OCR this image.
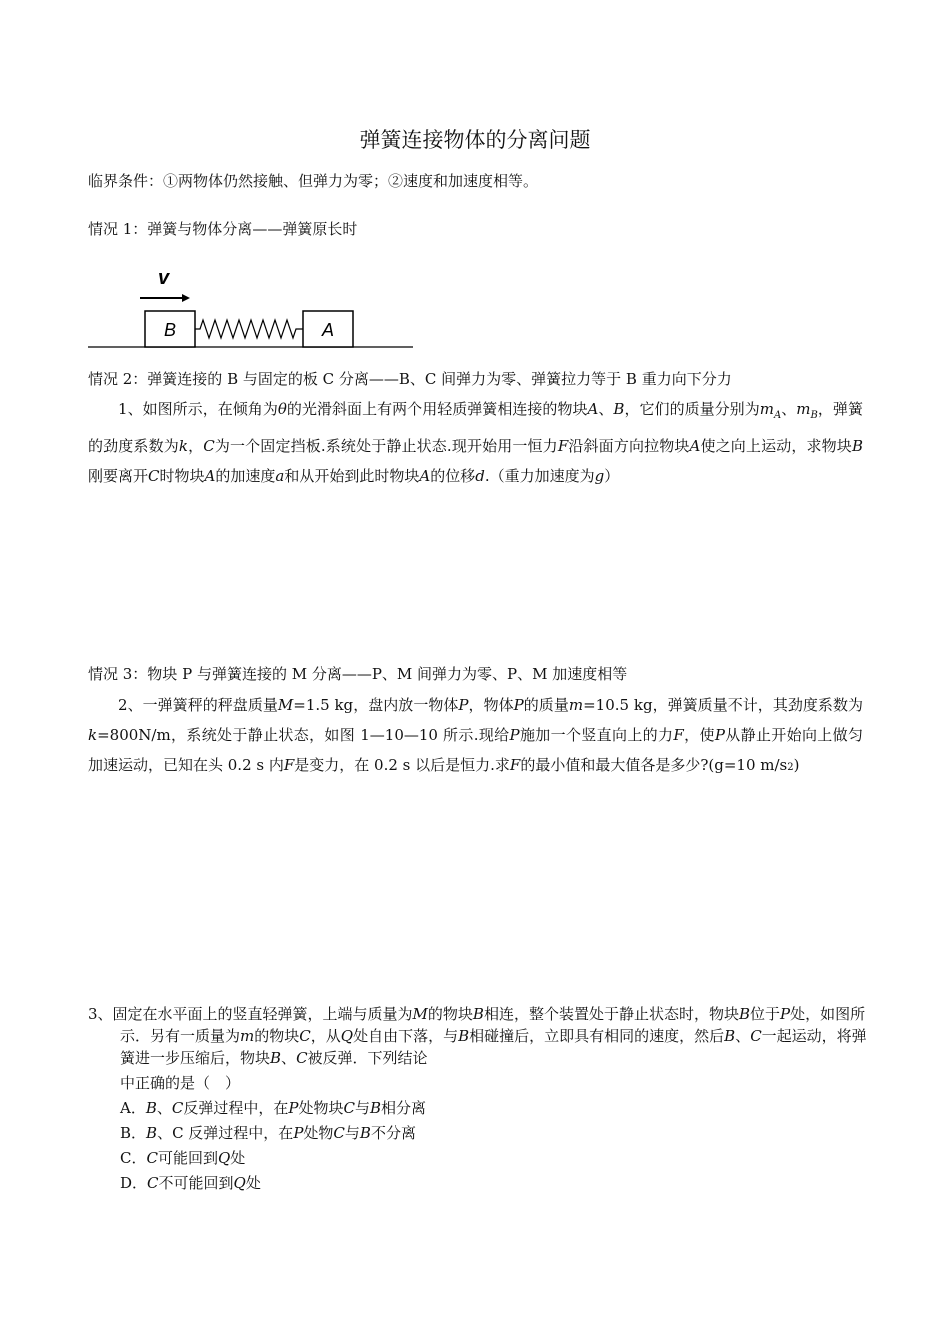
弹簧连接物体的分离问题
临界条件：①两物体仍然接触、但弹力为零；②速度和加速度相等。
情况 1：弹簧与物体分离——弹簧原长时
v
B	A
情况 2：弹簧连接的 B 与固定的板 C 分离——B、C 间弹力为零、弹簧拉力等于 B 重力向下分力
1、如图所示，在倾角为θ的光滑斜面上有两个用轻质弹簧相连接的物块A、B，它们的质量分别为$m_A$、$m_B$，弹簧的劲度系数为k，C为一个固定挡板.系统处于静止状态.现开始用一恒力F沿斜面方向拉物块A使之向上运动，求物块B刚要离开C时物块A的加速度a和从开始到此时物块A的位移d.（重力加速度为g）
情况 3：物块 P 与弹簧连接的 M 分离——P、M 间弹力为零、P、M 加速度相等
2、一弹簧秤的秤盘质量M=1.5 kg，盘内放一物体P，物体P的质量m=10.5 kg，弹簧质量不计，其劲度系数为k=800N/m，系统处于静止状态，如图 1—10—10 所示.现给P施加一个竖直向上的力F，使P从静止开始向上做匀加速运动，已知在头 0.2 s 内F是变力，在 0.2 s 以后是恒力.求F的最小值和最大值各是多少?(g=10 m/s2)
3、固定在水平面上的竖直轻弹簧，上端与质量为M的物块B相连，整个装置处于静止状态时，物块B位于P处，如图所示．另有一质量为m的物块C，从Q处自由下落，与B相碰撞后，立即具有相同的速度，然后B、C一起运动，将弹簧进一步压缩后，物块B、C被反弹．下列结论
中正确的是（　）
A．B、C反弹过程中，在P处物块C与B相分离
B．B、C 反弹过程中，在P处物C与B不分离
C．C可能回到Q处
D．C不可能回到Q处
